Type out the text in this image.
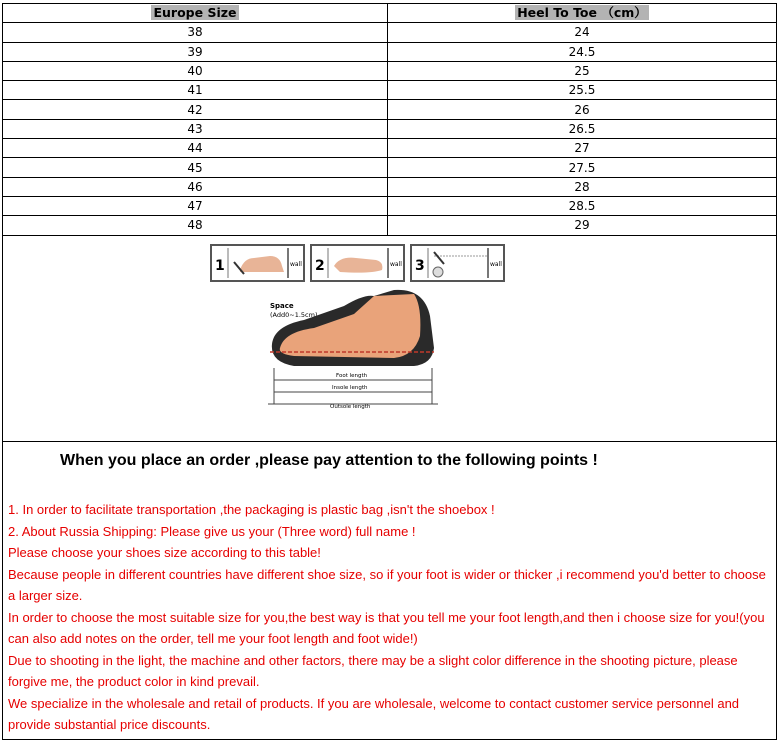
Europe Size	Heel To Toe （cm）
38	24
39	24.5
40	25
41	25.5
42	26
43	26.5
44	27
45	27.5
46	28
47	28.5
48	29
1	wall 2	wall 3	wall
Space
(Add0~1.5cm)
Foot length
Insole length
Outsole length
When you place an order ,please pay attention to the following points !

1. In order to facilitate transportation ,the packaging is plastic bag ,isn't the shoebox !

2. About Russia Shipping: Please give us your (Three word) full name !

Please choose your shoes size according to this table!

Because people in different countries have different shoe size, so if your foot is wider or thicker ,i recommend you'd better to choose a larger size.

In order to choose the most suitable size for you,the best way is that you tell me your foot length,and then i choose size for you!(you can also add notes on the order, tell me your foot length and foot wide!)

Due to shooting in the light, the machine and other factors, there may be a slight color difference in the shooting picture, please forgive me, the product color in kind prevail.

We specialize in the wholesale and retail of products. If you are wholesale, welcome to contact customer service personnel and provide substantial price discounts.
